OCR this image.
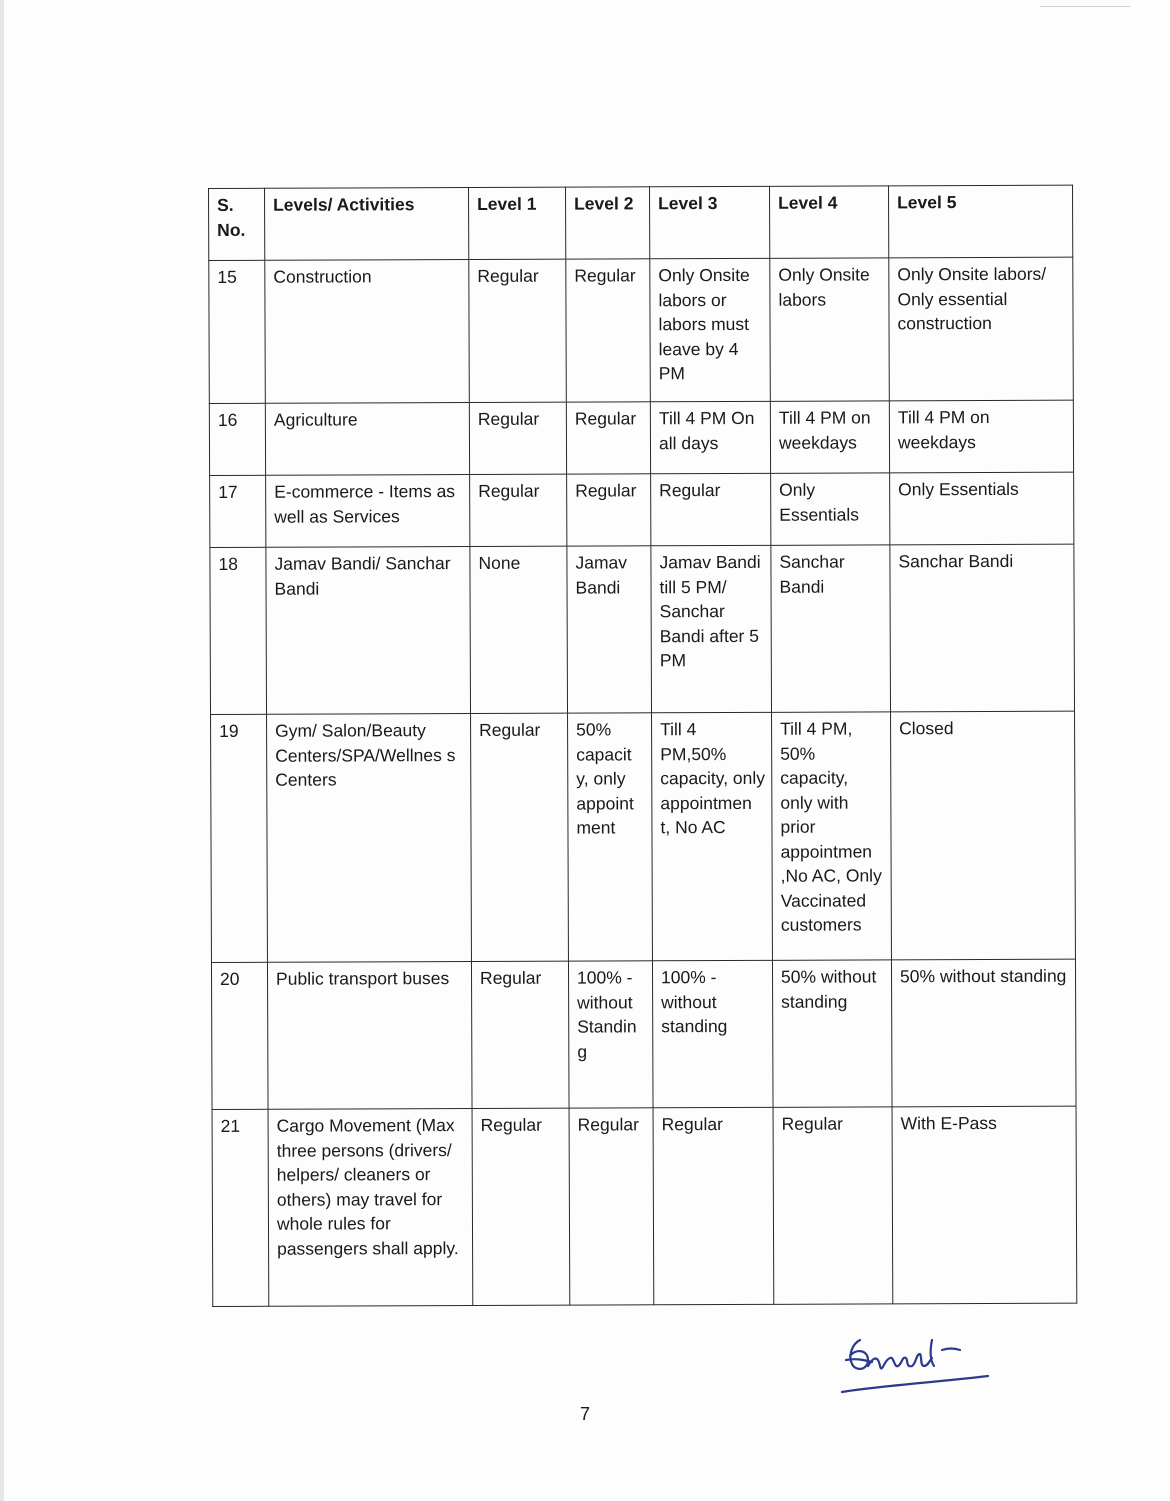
S. No.	Levels/ Activities	Level 1	Level 2	Level 3	Level 4	Level 5
15	Construction	Regular	Regular	Only Onsite labors or labors must leave by 4 PM	Only Onsite labors	Only Onsite labors/ Only essential construction
16	Agriculture	Regular	Regular	Till 4 PM On all days	Till 4 PM on weekdays	Till 4 PM on weekdays
17	E-commerce - Items as well as Services	Regular	Regular	Regular	Only Essentials	Only Essentials
18	Jamav Bandi/ Sanchar Bandi	None	Jamav Bandi	Jamav Bandi till 5 PM/ Sanchar Bandi after 5 PM	Sanchar Bandi	Sanchar Bandi
19	Gym/ Salon/Beauty Centers/SPA/Wellnes s Centers	Regular	50% capacit y, only appoint ment	Till 4 PM,50% capacity, only appointmen t, No AC	Till 4 PM, 50% capacity, only with prior appointmen ,No AC, Only Vaccinated customers	Closed
20	Public transport buses	Regular	100% - without Standin g	100% - without standing	50% without standing	50% without standing
21	Cargo Movement (Max three persons (drivers/ helpers/ cleaners or others) may travel for whole rules for passengers shall apply.	Regular	Regular	Regular	Regular	With E-Pass
7
